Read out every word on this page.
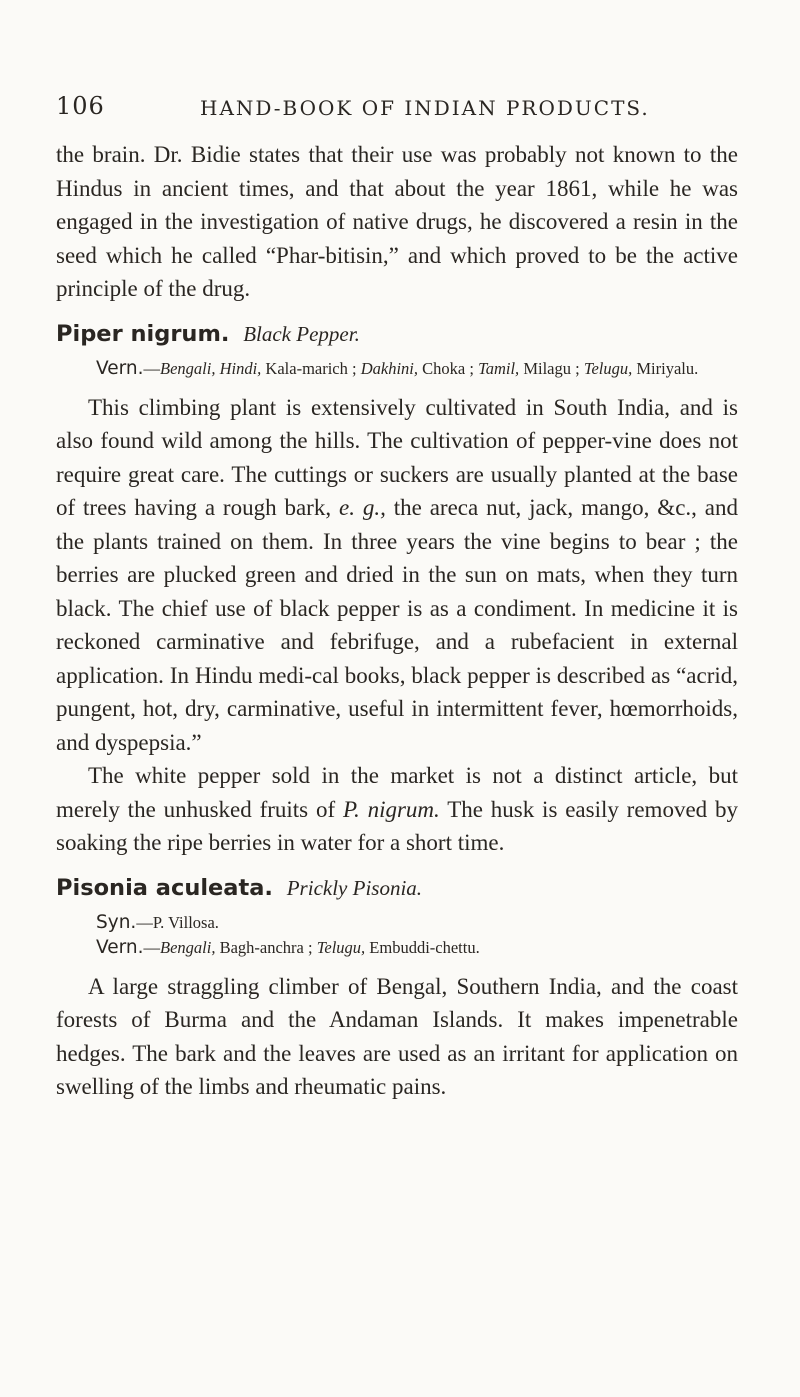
106	HAND-BOOK OF INDIAN PRODUCTS.

the brain. Dr. Bidie states that their use was probably not known to the Hindus in ancient times, and that about the year 1861, while he was engaged in the investigation of native drugs, he discovered a resin in the seed which he called “Phar-bitisin,” and which proved to be the active principle of the drug.

Piper nigrum. Black Pepper.

Vern.—Bengali, Hindi, Kala-marich ; Dakhini, Choka ; Tamil, Milagu ; Telugu, Miriyalu.

This climbing plant is extensively cultivated in South India, and is also found wild among the hills. The cultivation of pepper-vine does not require great care. The cuttings or suckers are usually planted at the base of trees having a rough bark, e. g., the areca nut, jack, mango, &c., and the plants trained on them. In three years the vine begins to bear ; the berries are plucked green and dried in the sun on mats, when they turn black. The chief use of black pepper is as a condiment. In medicine it is reckoned carminative and febrifuge, and a rubefacient in external application. In Hindu medi-cal books, black pepper is described as “acrid, pungent, hot, dry, carminative, useful in intermittent fever, hœmorrhoids, and dyspepsia.”

The white pepper sold in the market is not a distinct article, but merely the unhusked fruits of P. nigrum. The husk is easily removed by soaking the ripe berries in water for a short time.

Pisonia aculeata. Prickly Pisonia.

Syn.—P. Villosa.

Vern.—Bengali, Bagh-anchra ; Telugu, Embuddi-chettu.

A large straggling climber of Bengal, Southern India, and the coast forests of Burma and the Andaman Islands. It makes impenetrable hedges. The bark and the leaves are used as an irritant for application on swelling of the limbs and rheumatic pains.
